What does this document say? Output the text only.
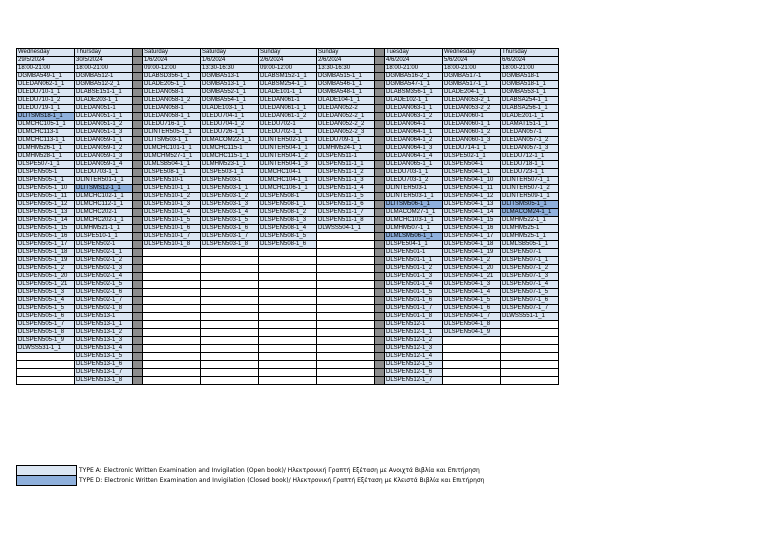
Wednesday	Thursday		Saturday	Saturday	Sunday	Sunday		Tuesday	Wednesday	Thursday
29/5/2024	30/5/2024		1/6/2024	1/6/2024	2/6/2024	2/6/2024		4/6/2024	5/6/2024	6/6/2024
18:00-21:00	18:00-21:00		09:00-12:00	13:30-16:30	09:00-12:00	13:30-16:30		18:00-21:00	18:00-21:00	18:00-21:00
DGMBA549-1_1	DGMBA512-1		DLABSD356-1_1	DGMBA513-1	DLABSM152-1_1	DGMBA515-1_1		DGMBA516-2_1	DGMBA517-1	DGMBA518-1
DLEDAN062-1_1	DGMBA512-2_1		DLADE205-1_1	DGMBA513-1_1	DLABSM254-1_1	DGMBA546-1_1		DGMBA547-1_1	DGMBA517-1_1	DGMBA518-1_1
DLEDU710-1_1	DLABSE151-1_1		DLEDAN058-1	DGMBA552-1_1	DLADE101-1_1	DGMBA548-1_1		DLABSM356-1_1	DLADE204-1_1	DGMBA553-1_1
DLEDU710-1_2	DLADE203-1_1		DLEDAN058-1_2	DGMBA554-1_1	DLEDAN061-1	DLADE104-1_1		DLADE102-1_1	DLEDAN053-2_1	DLABSA254-1_1
DLEDU719-1_1	DLEDAN051-1		DLEDAN058-1	DLADE103-1_1	DLEDAN061-1_1	DLEDAN052-2		DLEDAN063-1_1	DLEDAN053-2_2	DLABSA256-1_1
DLITSMS18-1_1	DLEDAN051-1_1		DLEDAN058-1_1	DLEDU704-1_1	DLEDAN061-1_2	DLEDAN052-2_1		DLEDAN063-1_2	DLEDAN060-1	DLADE201-1_1
DLMCHC105-1_1	DLEDAN051-1_2		DLEDU716-1_1	DLEDU704-1_2	DLEDU702-1	DLEDAN052-2_2		DLEDAN064-1	DLEDAN060-1_1	DLAMAT151-1_1
DLMCHC113-1	DLEDAN051-1_3		DLINTER505-1_1	DLEDU726-1_1	DLEDU702-1_1	DLEDAN052-2_3		DLEDAN064-1_1	DLEDAN060-1_2	DLEDAN057-1
DLMCHC113-1_1	DLEDAN059-1_1		DLITSM503-1_1	DLMACOM22-1_1	DLINTER502-1_1	DLEDU709-1_1		DLEDAN064-1_2	DLEDAN060-1_3	DLEDAN057-1_2
DLMHM526-1_1	DLEDAN059-1_2		DLMCHC101-1_1	DLMCHC115-1	DLINTER504-1_1	DLMHM524-1_1		DLEDAN064-1_3	DLEDU714-1_1	DLEDAN057-1_3
DLMHM528-1_1	DLEDAN059-1_3		DLMCHM527-1_1	DLMCHC115-1_1	DLINTER504-1_2	DLSPEN511-1		DLEDAN064-1_4	DLSPE502-1_1	DLEDU712-1_1
DLSPE507-1_1	DLEDAN059-1_4		DLMLSB504-1_1	DLMHM523-1_1	DLINTER504-1_3	DLSPEN511-1_1		DLEDAN065-1_1	DLSPEN504-1	DLEDU718-1_1
DLSPEN505-1	DLEDU703-1_1		DLSPE508-1_1	DLSPE503-1_1	DLMCHC104-1	DLSPEN511-1_2		DLEDU703-1_1	DLSPEN504-1_1	DLEDU723-1_1
DLSPEN505-1_1	DLINTER501-1_1		DLSPEN510-1	DLSPEN503-1	DLMCHC104-1_1	DLSPEN511-1_3		DLEDU703-1_2	DLSPEN504-1_10	DLINTER507-1_1
DLSPEN505-1_10	DLITSMS12-1_1		DLSPEN510-1_1	DLSPEN503-1_1	DLMCHC106-1_1	DLSPEN511-1_4		DLINTER503-1	DLSPEN504-1_11	DLINTER507-1_2
DLSPEN505-1_11	DLMCHC102-1_1		DLSPEN510-1_2	DLSPEN503-1_2	DLSPEN508-1	DLSPEN511-1_5		DLINTER503-1_1	DLSPEN504-1_12	DLINTER509-1_1
DLSPEN505-1_12	DLMCHC112-1_1		DLSPEN510-1_3	DLSPEN503-1_3	DLSPEN508-1_1	DLSPEN511-1_6		DLITSM506-1_1	DLSPEN504-1_13	DLITSMS05-1_1
DLSPEN505-1_13	DLMCHC202-1		DLSPEN510-1_4	DLSPEN503-1_4	DLSPEN508-1_2	DLSPEN511-1_7		DLMACOM27-1_1	DLSPEN504-1_14	DLMACOM24-1_1
DLSPEN505-1_14	DLMCHC202-1_1		DLSPEN510-1_5	DLSPEN503-1_5	DLSPEN508-1_3	DLSPEN511-1_8		DLMCHC103-1_1	DLSPEN504-1_15	DLMHM522-1_1
DLSPEN505-1_15	DLMHM521-1_1		DLSPEN510-1_6	DLSPEN503-1_6	DLSPEN508-1_4	DLWSS504-1_1		DLMHM507-1_1	DLSPEN504-1_16	DLMHM525-1
DLSPEN505-1_16	DLSPE510-1_1		DLSPEN510-1_7	DLSPEN503-1_7	DLSPEN508-1_5			DLMLSM506-1_1	DLSPEN504-1_17	DLMHM525-1_1
DLSPEN505-1_17	DLSPEN502-1		DLSPEN510-1_8	DLSPEN503-1_8	DLSPEN508-1_6			DLSPE504-1_1	DLSPEN504-1_18	DLMLSB505-1_1
DLSPEN505-1_18	DLSPEN502-1_1							DLSPEN501-1	DLSPEN504-1_19	DLSPEN507-1
DLSPEN505-1_19	DLSPEN502-1_2							DLSPEN501-1_1	DLSPEN504-1_2	DLSPEN507-1_1
DLSPEN505-1_2	DLSPEN502-1_3							DLSPEN501-1_2	DLSPEN504-1_20	DLSPEN507-1_2
DLSPEN505-1_20	DLSPEN502-1_4							DLSPEN501-1_3	DLSPEN504-1_21	DLSPEN507-1_3
DLSPEN505-1_21	DLSPEN502-1_5							DLSPEN501-1_4	DLSPEN504-1_3	DLSPEN507-1_4
DLSPEN505-1_3	DLSPEN502-1_6							DLSPEN501-1_5	DLSPEN504-1_4	DLSPEN507-1_5
DLSPEN505-1_4	DLSPEN502-1_7							DLSPEN501-1_6	DLSPEN504-1_5	DLSPEN507-1_6
DLSPEN505-1_5	DLSPEN502-1_8							DLSPEN501-1_7	DLSPEN504-1_6	DLSPEN507-1_7
DLSPEN505-1_6	DLSPEN513-1							DLSPEN501-1_8	DLSPEN504-1_7	DLWSS551-1_1
DLSPEN505-1_7	DLSPEN513-1_1							DLSPEN512-1	DLSPEN504-1_8	
DLSPEN505-1_8	DLSPEN513-1_2							DLSPEN512-1_1	DLSPEN504-1_9	
DLSPEN505-1_9	DLSPEN513-1_3							DLSPEN512-1_2		
DLWSS531-1_1	DLSPEN513-1_4							DLSPEN512-1_3		
	DLSPEN513-1_5							DLSPEN512-1_4		
	DLSPEN513-1_6							DLSPEN512-1_5		
	DLSPEN513-1_7							DLSPEN512-1_6		
	DLSPEN513-1_8							DLSPEN512-1_7		
TYPE A: Electronic Written Examination and Invigilation (Open book)/ Ηλεκτρονική Γραπτή Εξέταση με Ανοιχτά Βιβλία και Επιτήρηση
TYPE D: Electronic Written Examination and Invigilation (Closed book)/ Ηλεκτρονική Γραπτή Εξέταση με Κλειστά Βιβλία και Επιτήρηση
